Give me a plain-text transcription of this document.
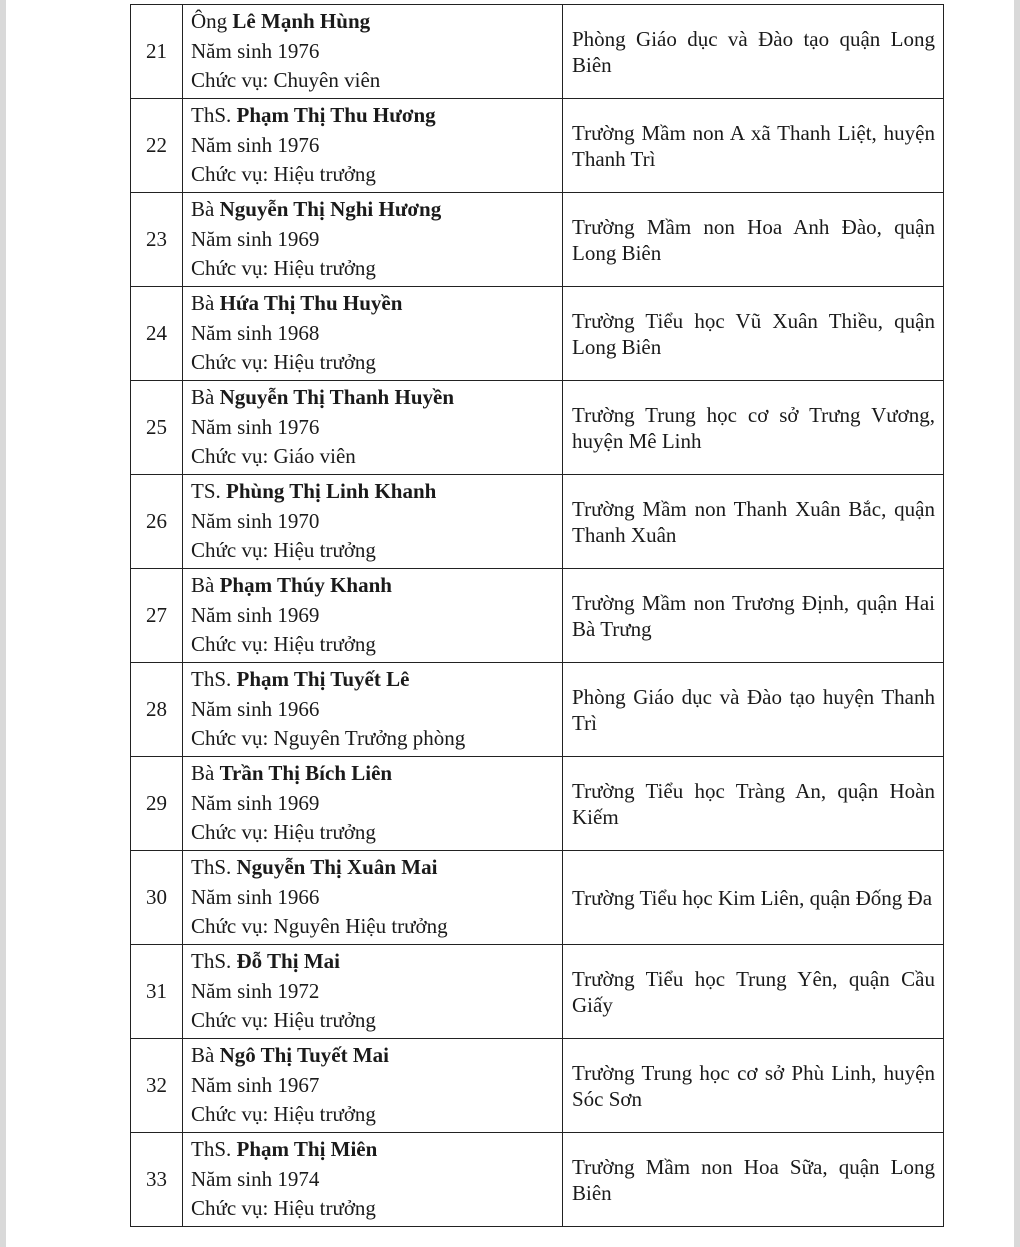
21	Ông Lê Mạnh Hùng
Năm sinh 1976
Chức vụ: Chuyên viên	Phòng Giáo dục và Đào tạo quận Long Biên
22	ThS. Phạm Thị Thu Hương
Năm sinh 1976
Chức vụ: Hiệu trưởng	Trường Mầm non A xã Thanh Liệt, huyện Thanh Trì
23	Bà Nguyễn Thị Nghi Hương
Năm sinh 1969
Chức vụ: Hiệu trưởng	Trường Mầm non Hoa Anh Đào, quận Long Biên
24	Bà Hứa Thị Thu Huyền
Năm sinh 1968
Chức vụ: Hiệu trưởng	Trường Tiểu học Vũ Xuân Thiều, quận Long Biên
25	Bà Nguyễn Thị Thanh Huyền
Năm sinh 1976
Chức vụ: Giáo viên	Trường Trung học cơ sở Trưng Vương, huyện Mê Linh
26	TS. Phùng Thị Linh Khanh
Năm sinh 1970
Chức vụ: Hiệu trưởng	Trường Mầm non Thanh Xuân Bắc, quận Thanh Xuân
27	Bà Phạm Thúy Khanh
Năm sinh 1969
Chức vụ: Hiệu trưởng	Trường Mầm non Trương Định, quận Hai Bà Trưng
28	ThS. Phạm Thị Tuyết Lê
Năm sinh 1966
Chức vụ: Nguyên Trưởng phòng	Phòng Giáo dục và Đào tạo huyện Thanh Trì
29	Bà Trần Thị Bích Liên
Năm sinh 1969
Chức vụ: Hiệu trưởng	Trường Tiểu học Tràng An, quận Hoàn Kiếm
30	ThS. Nguyễn Thị Xuân Mai
Năm sinh 1966
Chức vụ: Nguyên Hiệu trưởng	Trường Tiểu học Kim Liên, quận Đống Đa
31	ThS. Đỗ Thị Mai
Năm sinh 1972
Chức vụ: Hiệu trưởng	Trường Tiểu học Trung Yên, quận Cầu Giấy
32	Bà Ngô Thị Tuyết Mai
Năm sinh 1967
Chức vụ: Hiệu trưởng	Trường Trung học cơ sở Phù Linh, huyện Sóc Sơn
33	ThS. Phạm Thị Miên
Năm sinh 1974
Chức vụ: Hiệu trưởng	Trường Mầm non Hoa Sữa, quận Long Biên
